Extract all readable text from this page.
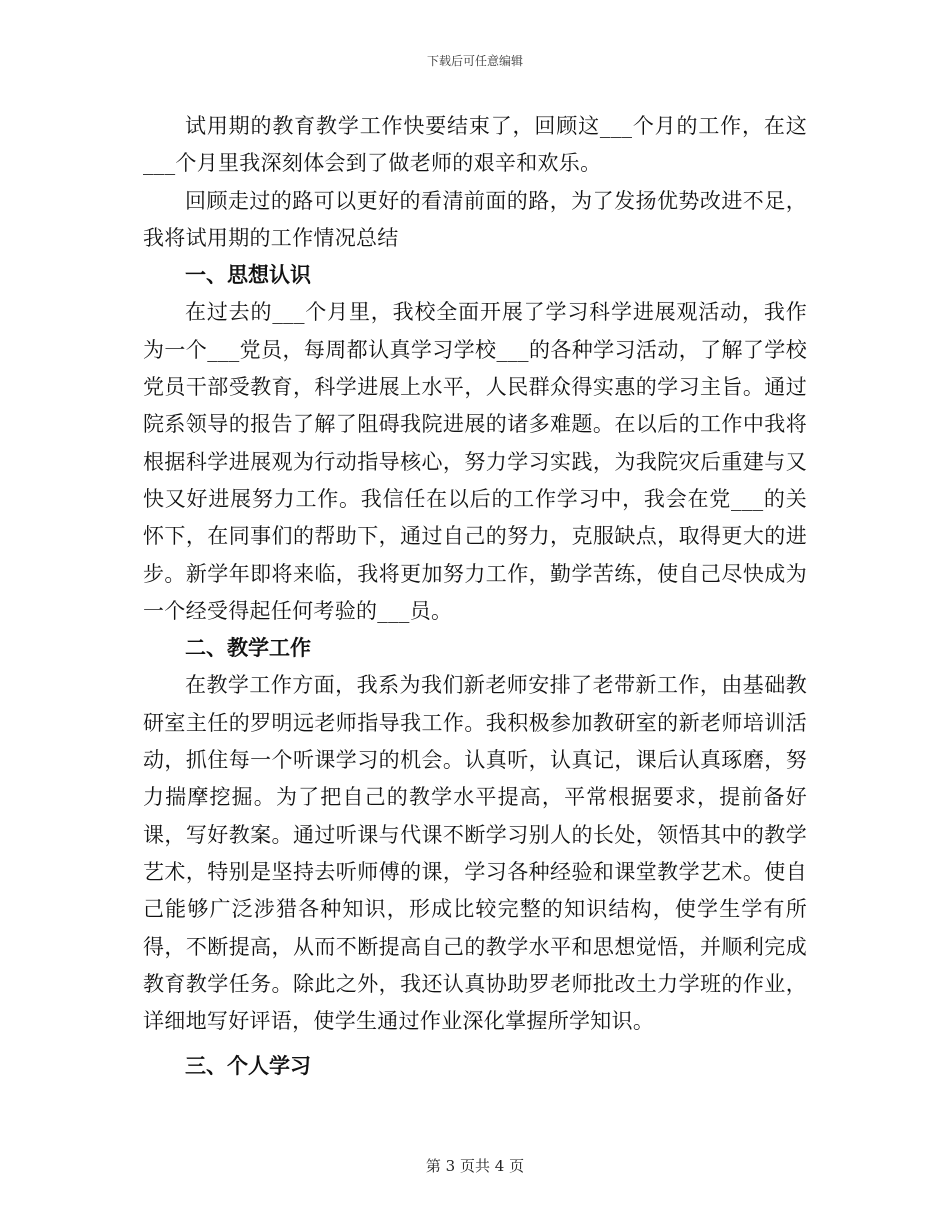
下载后可任意编辑

试用期的教育教学工作快要结束了，回顾这___个月的工作，在这___个月里我深刻体会到了做老师的艰辛和欢乐。

回顾走过的路可以更好的看清前面的路，为了发扬优势改进不足，我将试用期的工作情况总结

一、思想认识

在过去的___个月里，我校全面开展了学习科学进展观活动，我作为一个___党员，每周都认真学习学校___的各种学习活动，了解了学校党员干部受教育，科学进展上水平，人民群众得实惠的学习主旨。通过院系领导的报告了解了阻碍我院进展的诸多难题。在以后的工作中我将根据科学进展观为行动指导核心，努力学习实践，为我院灾后重建与又快又好进展努力工作。我信任在以后的工作学习中，我会在党___的关怀下，在同事们的帮助下，通过自己的努力，克服缺点，取得更大的进步。新学年即将来临，我将更加努力工作，勤学苦练，使自己尽快成为一个经受得起任何考验的___员。

二、教学工作

在教学工作方面，我系为我们新老师安排了老带新工作，由基础教研室主任的罗明远老师指导我工作。我积极参加教研室的新老师培训活动，抓住每一个听课学习的机会。认真听，认真记，课后认真琢磨，努力揣摩挖掘。为了把自己的教学水平提高，平常根据要求，提前备好课，写好教案。通过听课与代课不断学习别人的长处，领悟其中的教学艺术，特别是坚持去听师傅的课，学习各种经验和课堂教学艺术。使自己能够广泛涉猎各种知识，形成比较完整的知识结构，使学生学有所得，不断提高，从而不断提高自己的教学水平和思想觉悟，并顺利完成教育教学任务。除此之外，我还认真协助罗老师批改土力学班的作业，详细地写好评语，使学生通过作业深化掌握所学知识。

三、个人学习

第 3 页共 4 页
